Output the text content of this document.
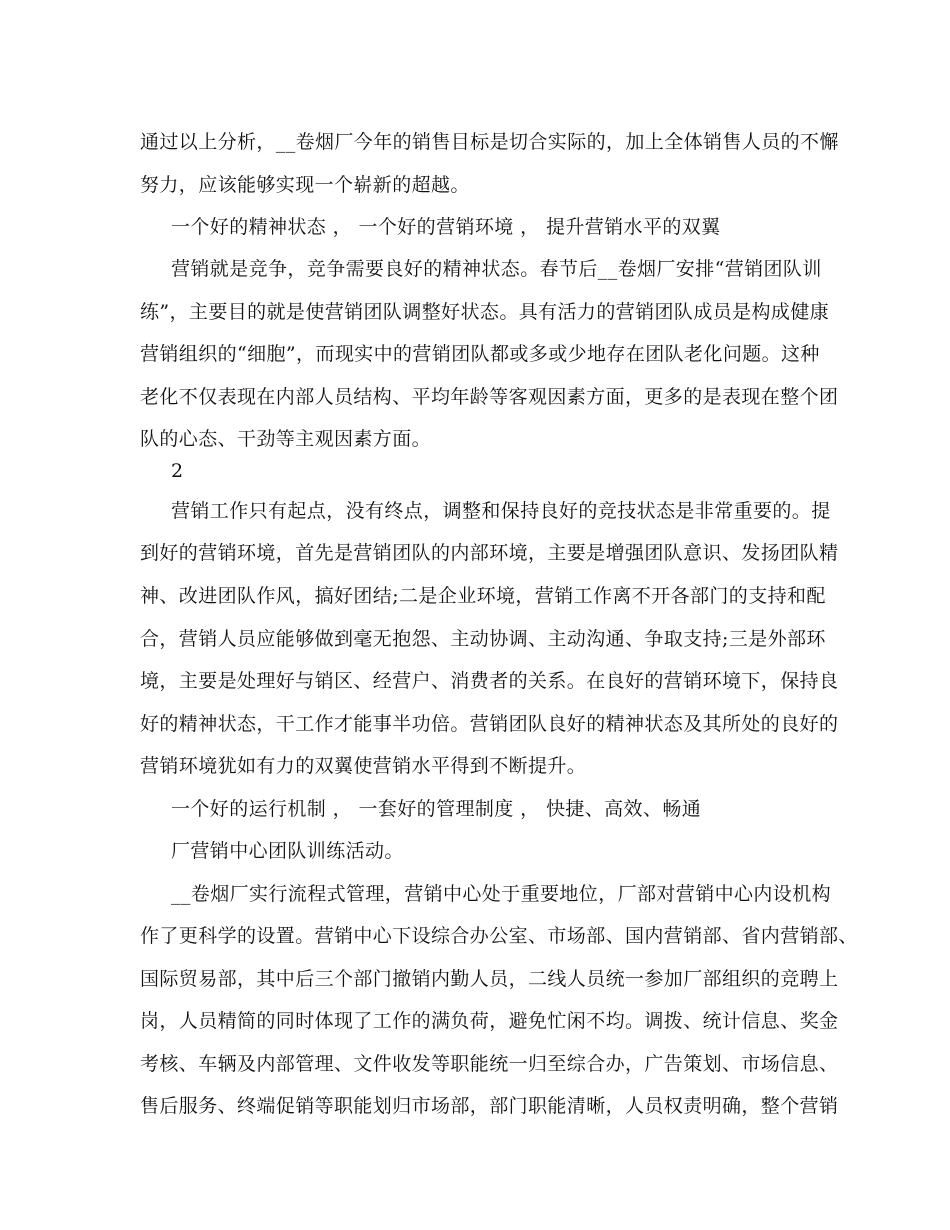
通过以上分析，__卷烟厂今年的销售目标是切合实际的，加上全体销售人员的不懈
努力，应该能够实现一个崭新的超越。
一个好的精神状态 ， 一个好的营销环境 ， 提升营销水平的双翼
营销就是竞争，竞争需要良好的精神状态。春节后__卷烟厂安排“营销团队训
练”，主要目的就是使营销团队调整好状态。具有活力的营销团队成员是构成健康
营销组织的“细胞”，而现实中的营销团队都或多或少地存在团队老化问题。这种
老化不仅表现在内部人员结构、平均年龄等客观因素方面，更多的是表现在整个团
队的心态、干劲等主观因素方面。
2
营销工作只有起点，没有终点，调整和保持良好的竞技状态是非常重要的。提
到好的营销环境，首先是营销团队的内部环境，主要是增强团队意识、发扬团队精
神、改进团队作风，搞好团结;二是企业环境，营销工作离不开各部门的支持和配
合，营销人员应能够做到毫无抱怨、主动协调、主动沟通、争取支持;三是外部环
境，主要是处理好与销区、经营户、消费者的关系。在良好的营销环境下，保持良
好的精神状态，干工作才能事半功倍。营销团队良好的精神状态及其所处的良好的
营销环境犹如有力的双翼使营销水平得到不断提升。
一个好的运行机制 ， 一套好的管理制度 ， 快捷、高效、畅通
厂营销中心团队训练活动。
__卷烟厂实行流程式管理，营销中心处于重要地位，厂部对营销中心内设机构
作了更科学的设置。营销中心下设综合办公室、市场部、国内营销部、省内营销部、
国际贸易部，其中后三个部门撤销内勤人员，二线人员统一参加厂部组织的竞聘上
岗，人员精简的同时体现了工作的满负荷，避免忙闲不均。调拨、统计信息、奖金
考核、车辆及内部管理、文件收发等职能统一归至综合办，广告策划、市场信息、
售后服务、终端促销等职能划归市场部，部门职能清晰，人员权责明确，整个营销
